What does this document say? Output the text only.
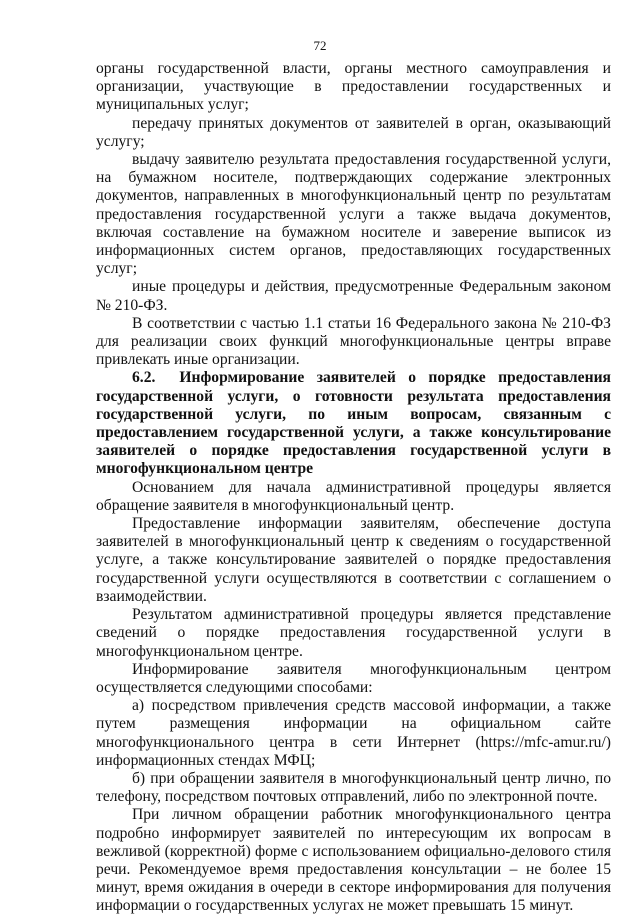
72

органы государственной власти, органы местного самоуправления и организации, участвующие в предоставлении государственных и муниципальных услуг;

передачу принятых документов от заявителей в орган, оказывающий услугу;

выдачу заявителю результата предоставления государственной услуги, на бумажном носителе, подтверждающих содержание электронных документов, направленных в многофункциональный центр по результатам предоставления государственной услуги а также выдача документов, включая составление на бумажном носителе и заверение выписок из информационных систем органов, предоставляющих государственных услуг;

иные процедуры и действия, предусмотренные Федеральным законом № 210-ФЗ.

В соответствии с частью 1.1 статьи 16 Федерального закона № 210-ФЗ для реализации своих функций многофункциональные центры вправе привлекать иные организации.

6.2. Информирование заявителей о порядке предоставления государственной услуги, о готовности результата предоставления государственной услуги, по иным вопросам, связанным с предоставлением государственной услуги, а также консультирование заявителей о порядке предоставления государственной услуги в многофункциональном центре

Основанием для начала административной процедуры является обращение заявителя в многофункциональный центр.

Предоставление информации заявителям, обеспечение доступа заявителей в многофункциональный центр к сведениям о государственной услуге, а также консультирование заявителей о порядке предоставления государственной услуги осуществляются в соответствии с соглашением о взаимодействии.

Результатом административной процедуры является представление сведений о порядке предоставления государственной услуги в многофункциональном центре.

Информирование заявителя многофункциональным центром осуществляется следующими способами:

а) посредством привлечения средств массовой информации, а также путем размещения информации на официальном сайте многофункционального центра в сети Интернет (https://mfc-amur.ru/) информационных стендах МФЦ;

б) при обращении заявителя в многофункциональный центр лично, по телефону, посредством почтовых отправлений, либо по электронной почте.

При личном обращении работник многофункционального центра подробно информирует заявителей по интересующим их вопросам в вежливой (корректной) форме с использованием официально-делового стиля речи. Рекомендуемое время предоставления консультации – не более 15 минут, время ожидания в очереди в секторе информирования для получения информации о государственных услугах не может превышать 15 минут.
